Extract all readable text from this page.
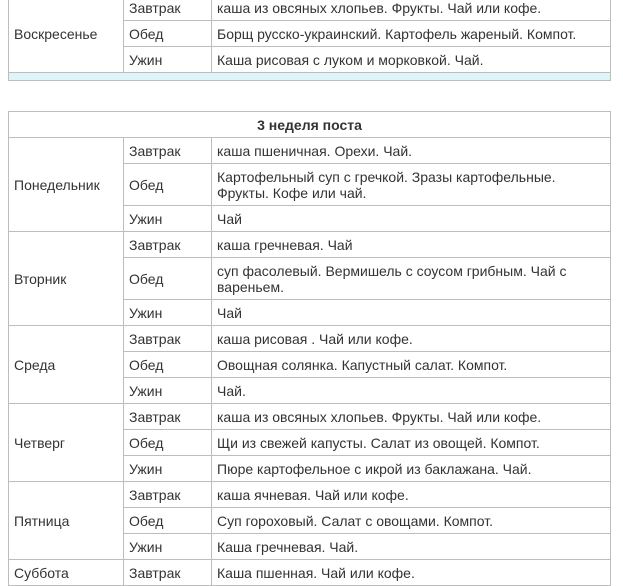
Воскресенье	Завтрак	каша из овсяных хлопьев. Фрукты. Чай или кофе.
	Обед	Борщ русско-украинский. Картофель жареный. Компот.
	Ужин	Каша рисовая с луком и морковкой. Чай.

3 неделя поста		
Понедельник	Завтрак	каша пшеничная. Орехи. Чай.
	Обед	Картофельный суп с гречкой. Зразы картофельные. Фрукты. Кофе или чай.
	Ужин	Чай
Вторник	Завтрак	каша гречневая. Чай
	Обед	суп фасолевый. Вермишель с соусом грибным. Чай с вареньем.
	Ужин	Чай
Среда	Завтрак	каша рисовая . Чай или кофе.
	Обед	Овощная солянка. Капустный салат. Компот.
	Ужин	Чай.
Четверг	Завтрак	каша из овсяных хлопьев. Фрукты. Чай или кофе.
	Обед	Щи из свежей капусты. Салат из овощей. Компот.
	Ужин	Пюре картофельное с икрой из баклажана. Чай.
Пятница	Завтрак	каша ячневая. Чай или кофе.
	Обед	Суп гороховый. Салат с овощами. Компот.
	Ужин	Каша гречневая. Чай.
Суббота	Завтрак	Каша пшенная. Чай или кофе.
